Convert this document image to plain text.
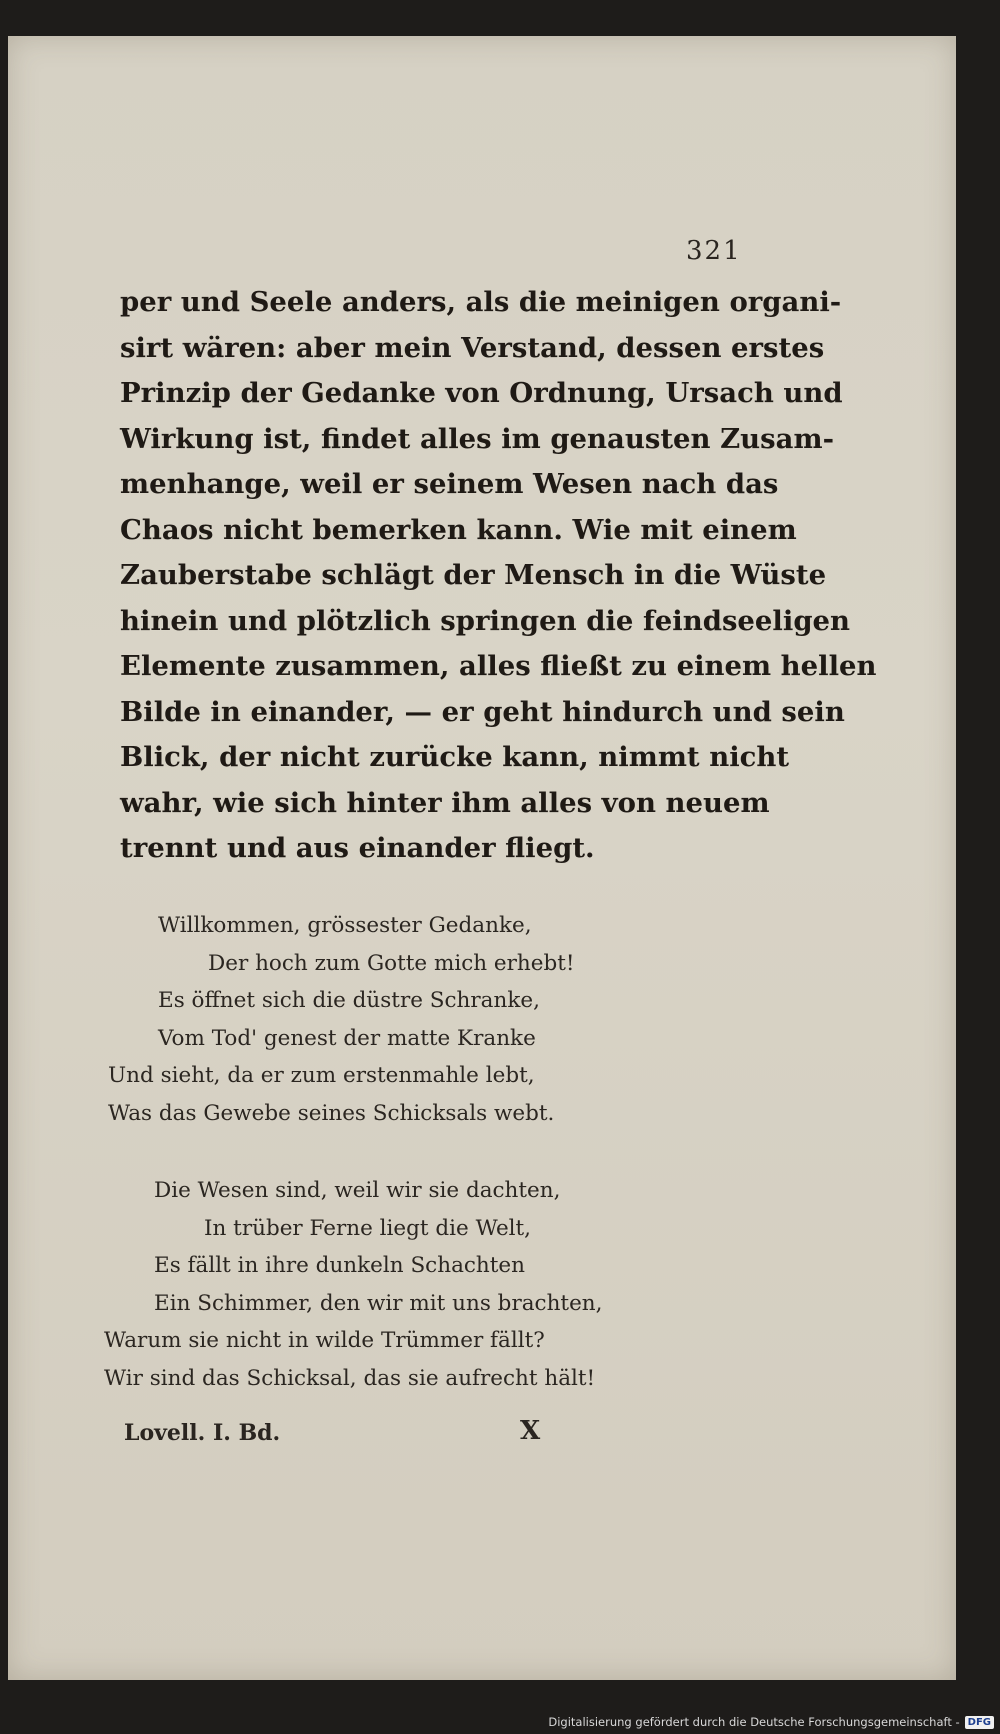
321
per und Seele anders, als die meinigen organi-
sirt wären: aber mein Verstand, dessen erstes
Prinzip der Gedanke von Ordnung, Ursach und
Wirkung ist, findet alles im genausten Zusam-
menhange, weil er seinem Wesen nach das
Chaos nicht bemerken kann. Wie mit einem
Zauberstabe schlägt der Mensch in die Wüste
hinein und plötzlich springen die feindseeligen
Elemente zusammen, alles fließt zu einem hellen
Bilde in einander, — er geht hindurch und sein
Blick, der nicht zurücke kann, nimmt nicht
wahr, wie sich hinter ihm alles von neuem
trennt und aus einander fliegt.
Willkommen, grössester Gedanke,
Der hoch zum Gotte mich erhebt!
Es öffnet sich die düstre Schranke,
Vom Tod' genest der matte Kranke
Und sieht, da er zum erstenmahle lebt,
Was das Gewebe seines Schicksals webt.
Die Wesen sind, weil wir sie dachten,
In trüber Ferne liegt die Welt,
Es fällt in ihre dunkeln Schachten
Ein Schimmer, den wir mit uns brachten,
Warum sie nicht in wilde Trümmer fällt?
Wir sind das Schicksal, das sie aufrecht hält!
Lovell. I. Bd.	X
Digitalisierung gefördert durch die Deutsche Forschungsgemeinschaft - DFG
